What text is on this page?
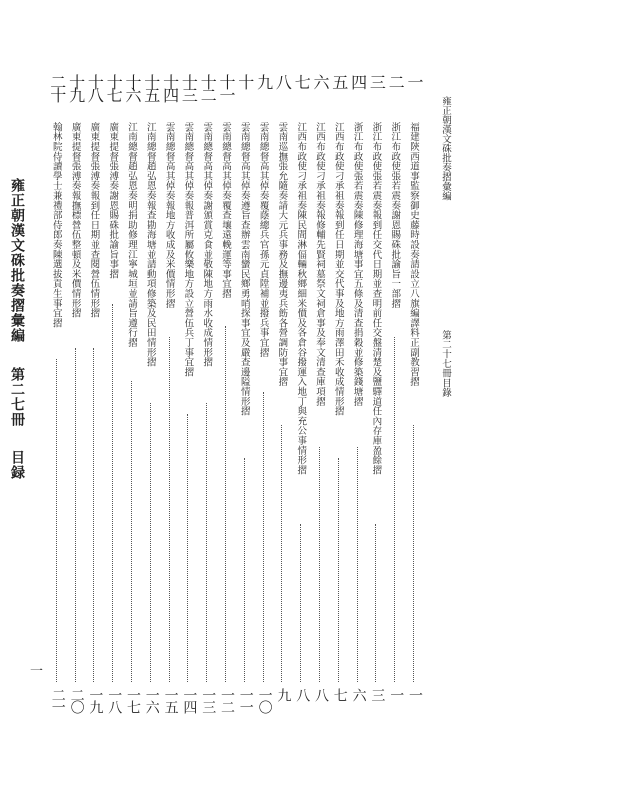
雍正朝漢文硃批奏摺彙編
第二十七冊
目錄
雍正朝漢文硃批奏摺彙編
第二七冊
目録
一
一
福建陝西道事監察御史藤時設奏請設立八旗編譯料正副教習摺
一
二
浙江布政使張若震奏謝恩賜硃批諭旨一部摺
一
三
浙江布政使張若震奏報到任交代日期並查明前任交盤清楚及鹽驛道任內存庫盈餘摺
三
四
浙江布政使張若震奏陳修理海塘事宜五條及清查捐穀並修築錢塘摺
六
五
江西布政使刁承祖奏報到任日期並交代事及地方雨澤田禾收成情形摺
七
六
江西布政使刁承祖奏報修輔先賢祠墓祭文祠倉事及奉文清查庫項摺
八
七
江西布政使刁承祖奏陳民間淋偪輛秋鄉細米價及各倉谷撥運入地丁與充公事情形摺
八
八
雲南巡撫張允隨奏請大元兵事務及撫邊夷兵飭各營調防事宜摺
九
九
雲南總督高其倬奏覆蔭總兵官孫元貞陞補並撥兵事宜摺
一〇
十
雲南總督高其倬奏遵旨查辦雲南蠻民鄉勇哨探事宜及嚴查邊隘情形摺
一一
十一
雲南總督高其倬奏覆查壤遠輓運等事宜摺
一二
十二
雲南總督高其倬奏謝頒賞克食並敬陳地方雨水收成情形摺
一三
十三
雲南總督高其倬奏報普洱所屬攸樂地方設立營伍兵丁事宜摺
一四
十四
雲南總督高其倬奏報地方收成及米價情形摺
一五
十五
江南總督趙弘恩奏報查勘海塘並請動項修築及民田情形摺
一六
十六
江南總督趙弘恩奏明捐助修理江寧城垣並請旨遵行摺
一七
十七
廣東提督張溥奏謝恩賜硃批諭旨事摺
一八
十八
廣東提督張溥奏報到任日期並查閱營伍情形摺
一九
十九
廣東提督張溥奏報撫標營伍整頓及米價情形摺
二〇
二十
翰林院侍讀學士兼禮部侍郎奏陳選拔貢生事宜摺
二一
